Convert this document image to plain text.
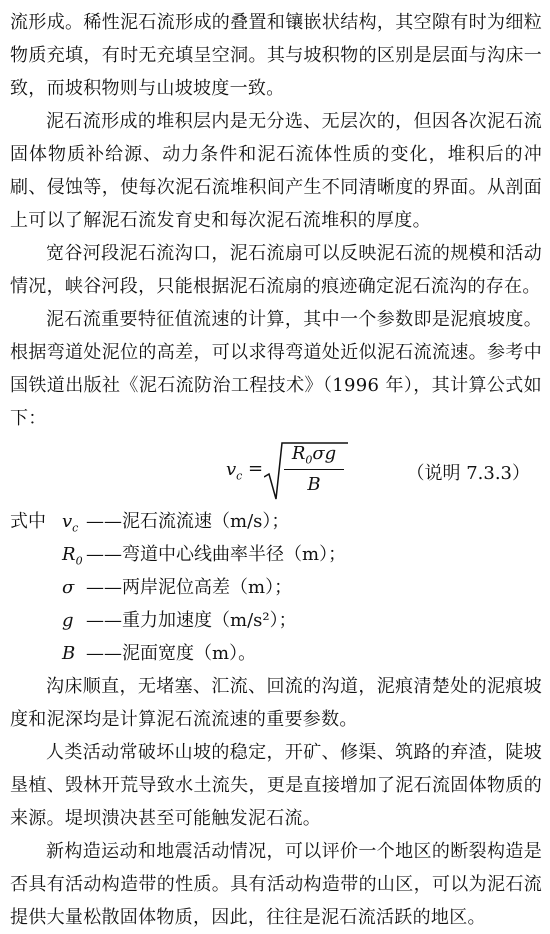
流形成。稀性泥石流形成的叠置和镶嵌状结构，其空隙有时为细粒物质充填，有时无充填呈空洞。其与坡积物的区别是层面与沟床一致，而坡积物则与山坡坡度一致。

泥石流形成的堆积层内是无分选、无层次的，但因各次泥石流固体物质补给源、动力条件和泥石流体性质的变化，堆积后的冲刷、侵蚀等，使每次泥石流堆积间产生不同清晰度的界面。从剖面上可以了解泥石流发育史和每次泥石流堆积的厚度。

宽谷河段泥石流沟口，泥石流扇可以反映泥石流的规模和活动情况，峡谷河段，只能根据泥石流扇的痕迹确定泥石流沟的存在。

泥石流重要特征值流速的计算，其中一个参数即是泥痕坡度。根据弯道处泥位的高差，可以求得弯道处近似泥石流流速。参考中国铁道出版社《泥石流防治工程技术》（1996 年），其计算公式如下：

$v_c$ =
$R_0\sigma g$
B
（说明 7.3.3）
式中 $v_c$ ——泥石流流速（m/s）；
$R_0$ ——弯道中心线曲率半径（m）；
σ ——两岸泥位高差（m）；
g ——重力加速度（m/s²）；
B ——泥面宽度（m）。

沟床顺直，无堵塞、汇流、回流的沟道，泥痕清楚处的泥痕坡度和泥深均是计算泥石流流速的重要参数。

人类活动常破坏山坡的稳定，开矿、修渠、筑路的弃渣，陡坡垦植、毁林开荒导致水土流失，更是直接增加了泥石流固体物质的来源。堤坝溃决甚至可能触发泥石流。

新构造运动和地震活动情况，可以评价一个地区的断裂构造是否具有活动构造带的性质。具有活动构造带的山区，可以为泥石流提供大量松散固体物质，因此，往往是泥石流活跃的地区。
